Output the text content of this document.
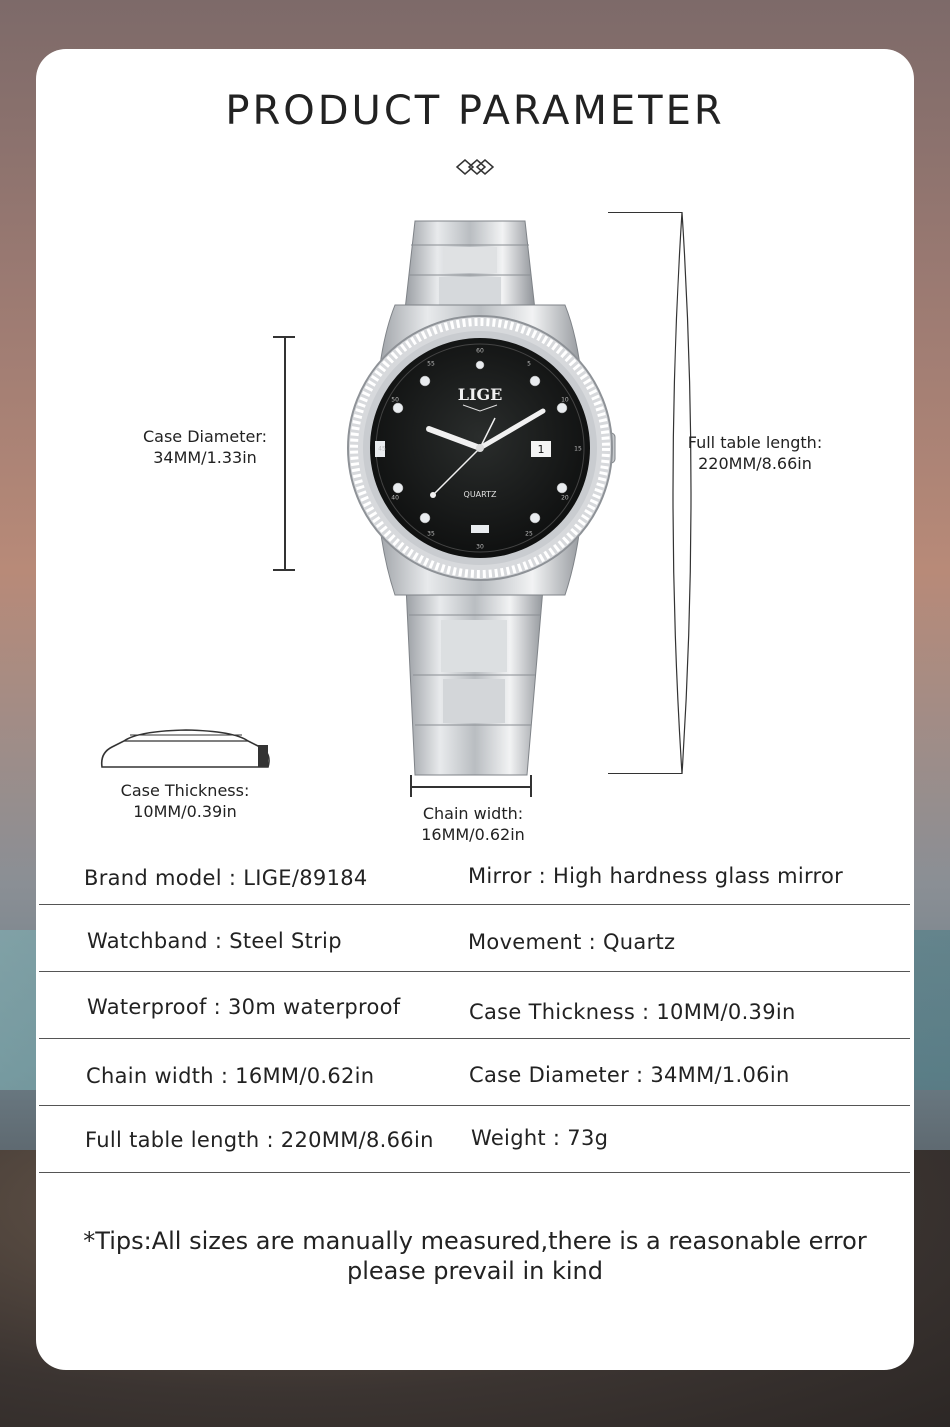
PRODUCT PARAMETER
Case Diameter:
34MM/1.33in
Full table length:
220MM/8.66in
Case Thickness:
10MM/0.39in	Chain width:
16MM/0.62in
1
LIGE
QUARTZ
60
5
10
15
20
25
30
35
40
45
50
55
Brand model : LIGE/89184	Mirror : High hardness glass mirror
Watchband : Steel Strip	Movement : Quartz
Waterproof : 30m waterproof	Case Thickness : 10MM/0.39in
Chain width : 16MM/0.62in	Case Diameter : 34MM/1.06in
Full table length : 220MM/8.66in Weight : 73g
*Tips:All sizes are manually measured,there is a reasonable error
please prevail in kind
